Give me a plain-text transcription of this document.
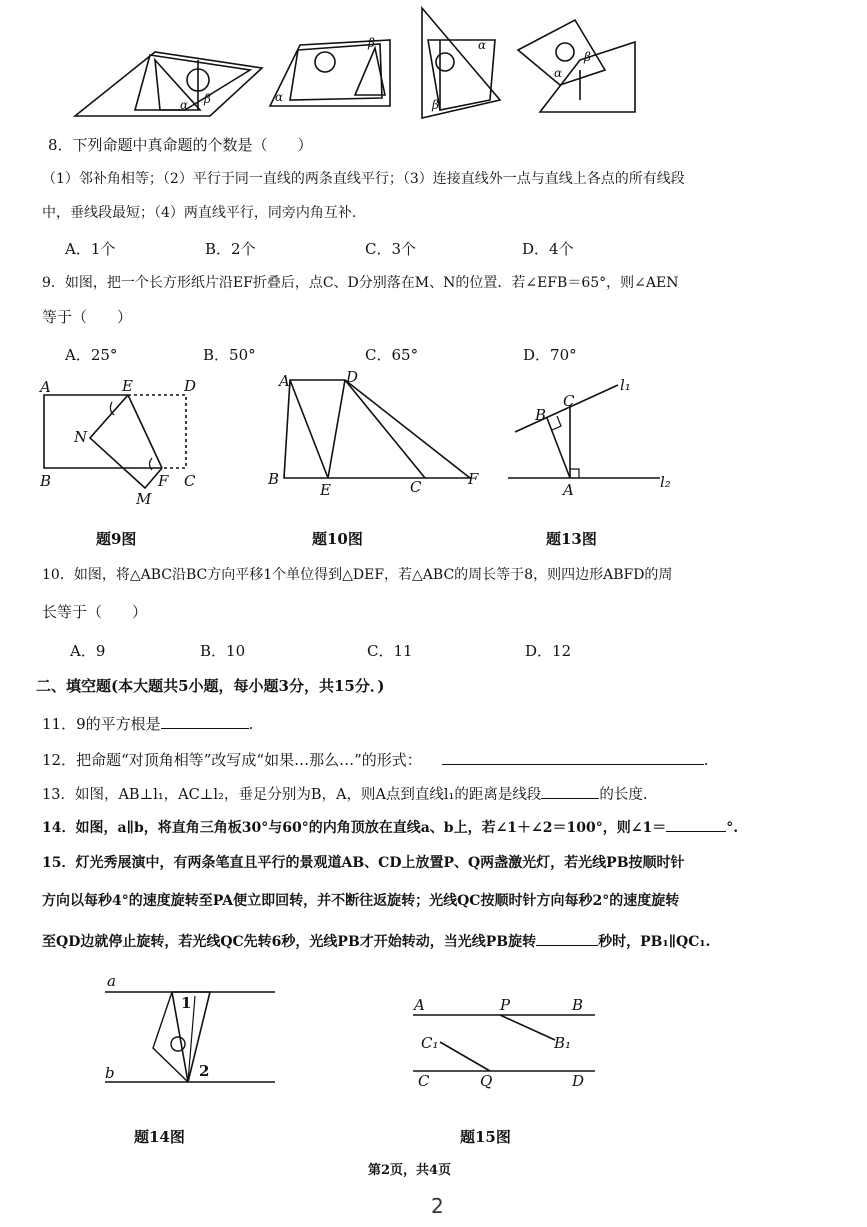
α β	α
β	α
β
α
β
8．下列命题中真命题的个数是（　　）
（1）邻补角相等；（2）平行于同一直线的两条直线平行；（3）连接直线外一点与直线上各点的所有线段
中，垂线段最短；（4）两直线平行，同旁内角互补.
A．1个	B．2个	C．3个	D．4个
9．如图，把一个长方形纸片沿EF折叠后，点C、D分别落在M、N的位置．若∠EFB＝65°，则∠AEN
等于（　　）
A．25°	B．50°	C．65°	D．70°
A	E	D
N
B	F C
M
题9图
A	D
B
E	C	F
题10图
B
C
l₁
A	l₂
题13图
10．如图，将△ABC沿BC方向平移1个单位得到△DEF，若△ABC的周长等于8，则四边形ABFD的周
长等于（　　）
A．9	B．10	C．11	D．12
二、填空题(本大题共5小题，每小题3分，共15分．)
11．9的平方根是	.
12．把命题“对顶角相等”改写成“如果…那么…”的形式：	.
13．如图，AB⊥l₁，AC⊥l₂，垂足分别为B，A，则A点到直线l₁的距离是线段	的长度.
14．如图，a∥b，将直角三角板30°与60°的内角顶放在直线a、b上，若∠1＋∠2＝100°，则∠1＝	°.
15．灯光秀展演中，有两条笔直且平行的景观道AB、CD上放置P、Q两盏激光灯，若光线PB按顺时针
方向以每秒4°的速度旋转至PA便立即回转，并不断往返旋转；光线QC按顺时针方向每秒2°的速度旋转
至QD边就停止旋转，若光线QC先转6秒，光线PB才开始转动，当光线PB旋转	秒时，PB₁∥QC₁.
a
b
1
2
题14图
A	P	B
C₁	B₁
C	Q	D
题15图
第2页，共4页
2
